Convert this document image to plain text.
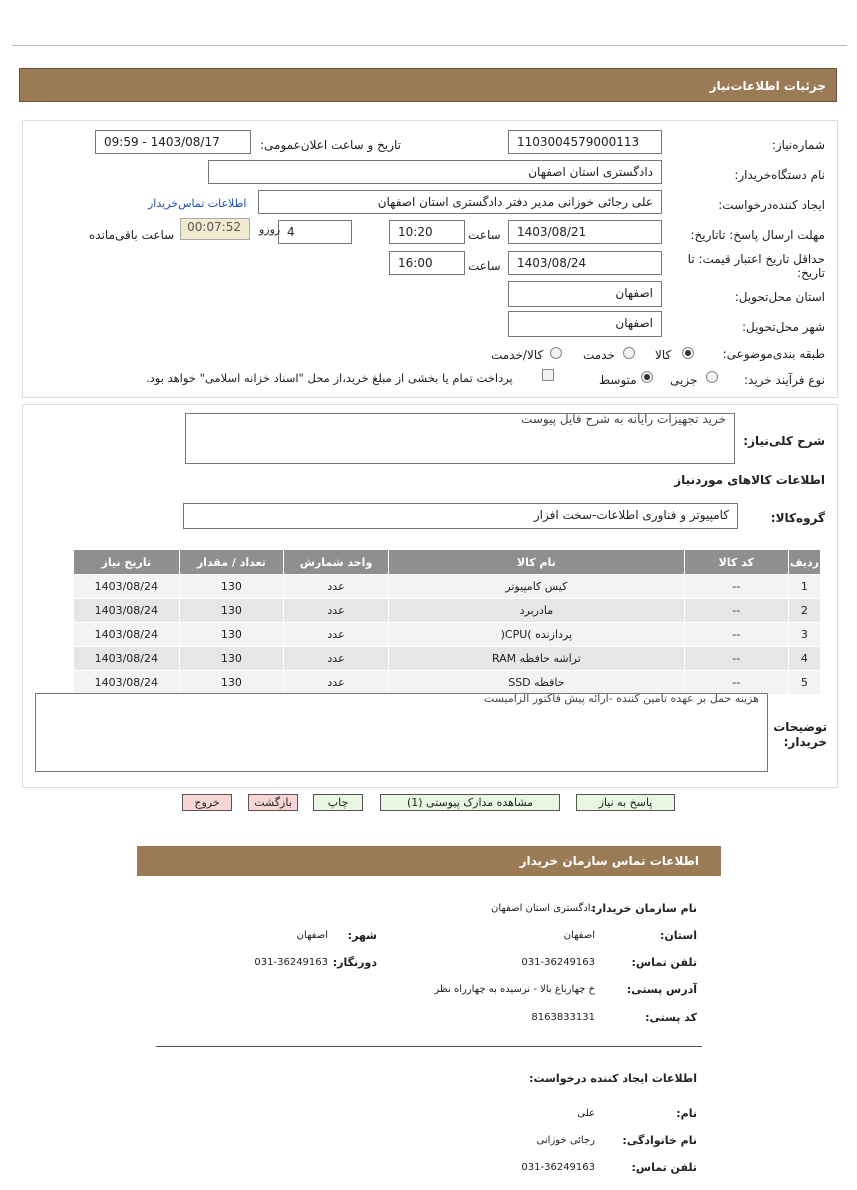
جزئیات اطلاعات‌نیاز
شماره‌نیاز:
1103004579000113
تاریخ و ساعت اعلان‌عمومی:
1403/08/17 - 09:59
نام دستگاه‌خریدار:
دادگستری استان اصفهان
ایجاد کننده‌درخواست:
علی رجائی خوزانی مدیر دفتر دادگستری استان اصفهان
اطلاعات تماس‌خریدار
مهلت ارسال پاسخ: تاتاریخ:
1403/08/21
ساعت
10:20
4
روزو
00:07:52
ساعت باقی‌مانده
حداقل تاریخ اعتبار قیمت: تا تاریخ:
1403/08/24
ساعت
16:00
استان محل‌تحویل:
اصفهان
شهر محل‌تحویل:
اصفهان
طبقه بندی‌موضوعی:
کالا
خدمت
کالا/خدمت
نوع فرآیند خرید:
جزیی
متوسط
پرداخت تمام یا بخشی از مبلغ خرید،از محل "اسناد خزانه اسلامی" خواهد بود.
شرح کلی‌نیاز:
خرید تجهیزات رایانه به شرح فایل پیوست
اطلاعات کالاهای موردنیاز
گروه‌کالا:
کامپیوتر و فناوری اطلاعات-سخت افزار
ردیف	کد کالا	نام کالا	واحد شمارش	تعداد / مقدار	تاریخ نیاز
1	--	کیس کامپیوتر	عدد	130	1403/08/24
2	--	مادربرد	عدد	130	1403/08/24
3	--	پردازنده )CPU(	عدد	130	1403/08/24
4	--	تراشه حافظه RAM	عدد	130	1403/08/24
5	--	حافظه SSD	عدد	130	1403/08/24
توضیحات خریدار:
هزینه حمل بر عهده تامین کننده -ارائه پیش فاکتور الزامیست
پاسخ به نیاز
مشاهده مدارک پیوستی (1)
چاپ
بازگشت
خروج
اطلاعات تماس سازمان خریدار
نام سازمان خریدار:
دادگستری استان اصفهان
استان:
اصفهان
شهر:
اصفهان
تلفن تماس:
031-36249163
دورنگار:
031-36249163
آدرس پستی:
خ چهارباغ بالا - نرسیده به چهارراه نظر
کد پستی:
8163833131
اطلاعات ایجاد کننده درخواست:
نام:
علی
نام خانوادگی:
رجائی خوزانی
تلفن تماس:
031-36249163
